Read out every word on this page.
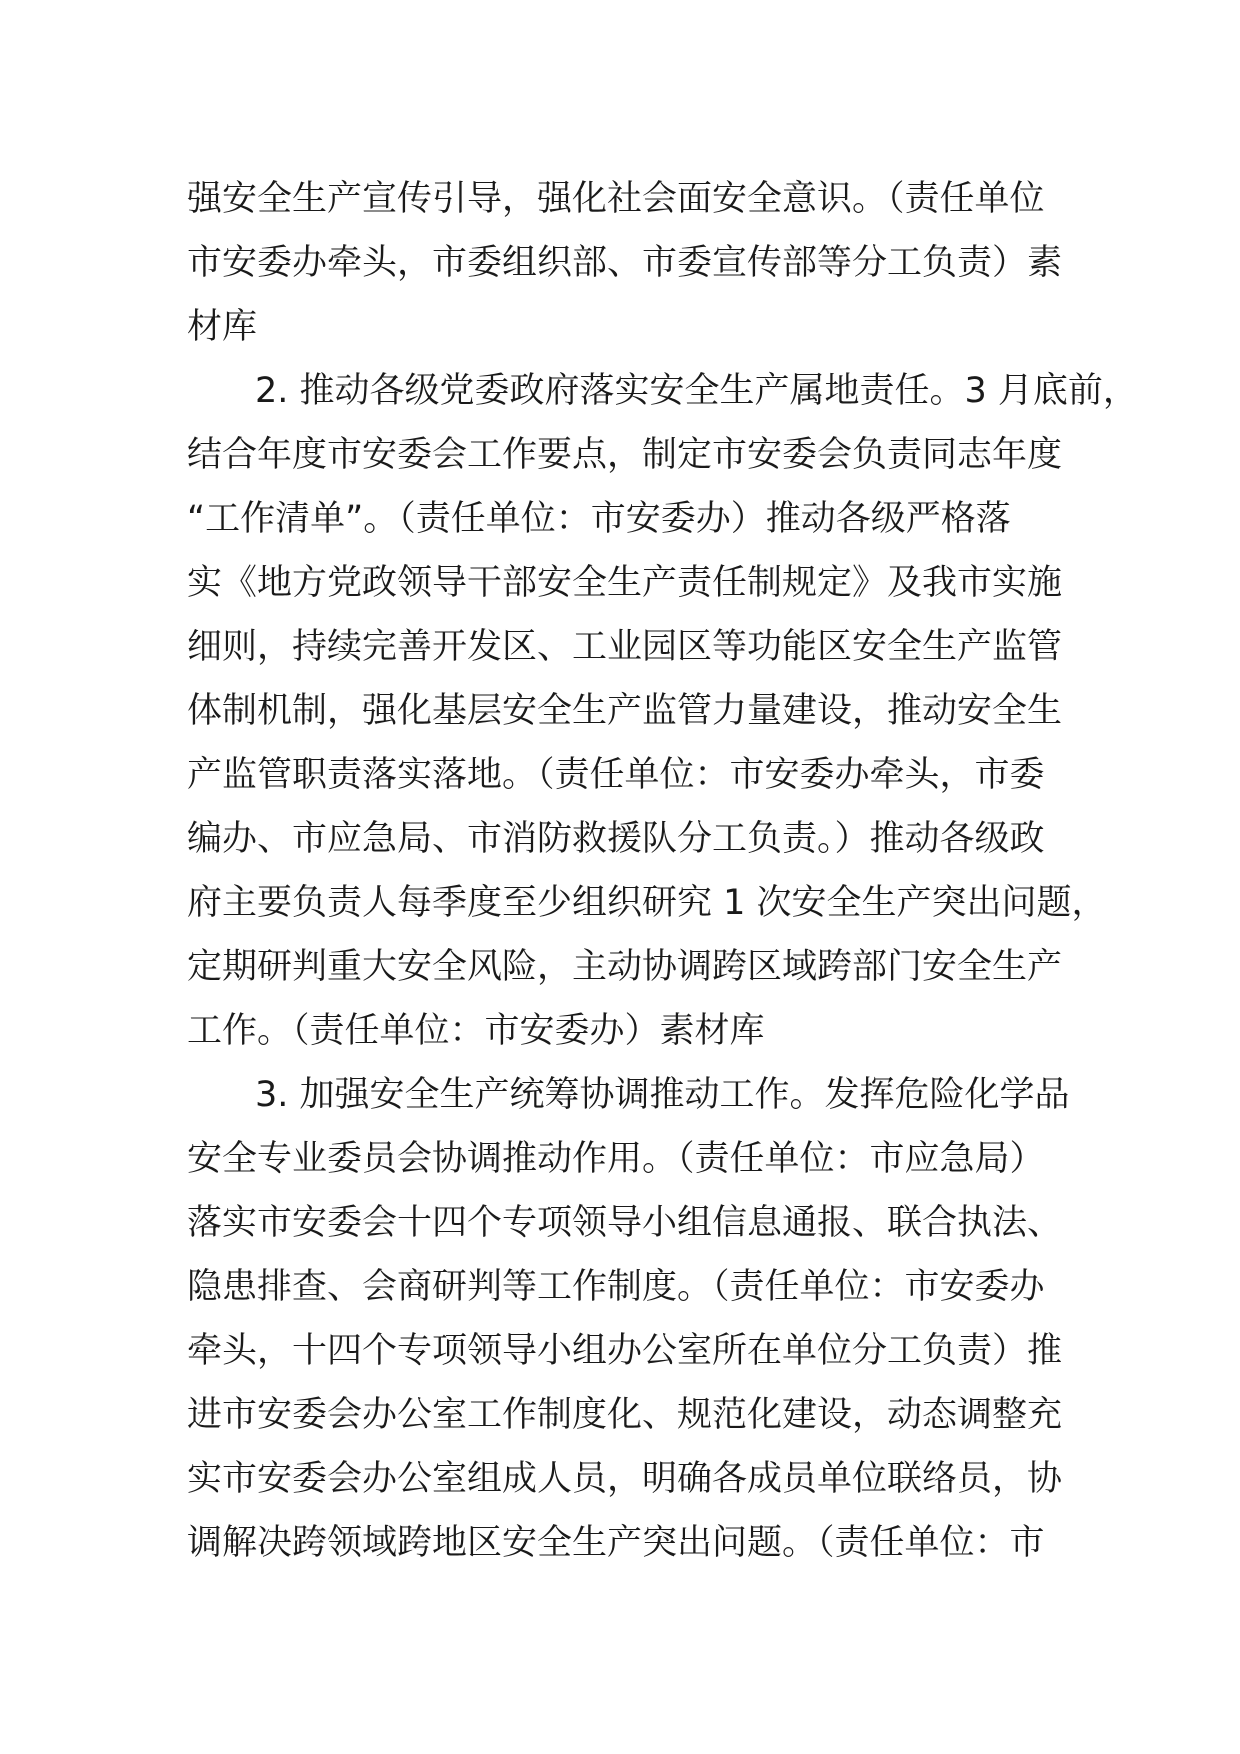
强安全生产宣传引导，强化社会面安全意识。（责任单位
市安委办牵头，市委组织部、市委宣传部等分工负责）素
材库
2. 推动各级党委政府落实安全生产属地责任。3 月底前，
结合年度市安委会工作要点，制定市安委会负责同志年度
“工作清单”。（责任单位：市安委办）推动各级严格落
实《地方党政领导干部安全生产责任制规定》及我市实施
细则，持续完善开发区、工业园区等功能区安全生产监管
体制机制，强化基层安全生产监管力量建设，推动安全生
产监管职责落实落地。（责任单位：市安委办牵头，市委
编办、市应急局、市消防救援队分工负责。）推动各级政
府主要负责人每季度至少组织研究 1 次安全生产突出问题，
定期研判重大安全风险，主动协调跨区域跨部门安全生产
工作。（责任单位：市安委办）素材库
3. 加强安全生产统筹协调推动工作。发挥危险化学品
安全专业委员会协调推动作用。（责任单位：市应急局）
落实市安委会十四个专项领导小组信息通报、联合执法、
隐患排查、会商研判等工作制度。（责任单位：市安委办
牵头，十四个专项领导小组办公室所在单位分工负责）推
进市安委会办公室工作制度化、规范化建设，动态调整充
实市安委会办公室组成人员，明确各成员单位联络员，协
调解决跨领域跨地区安全生产突出问题。（责任单位：市
